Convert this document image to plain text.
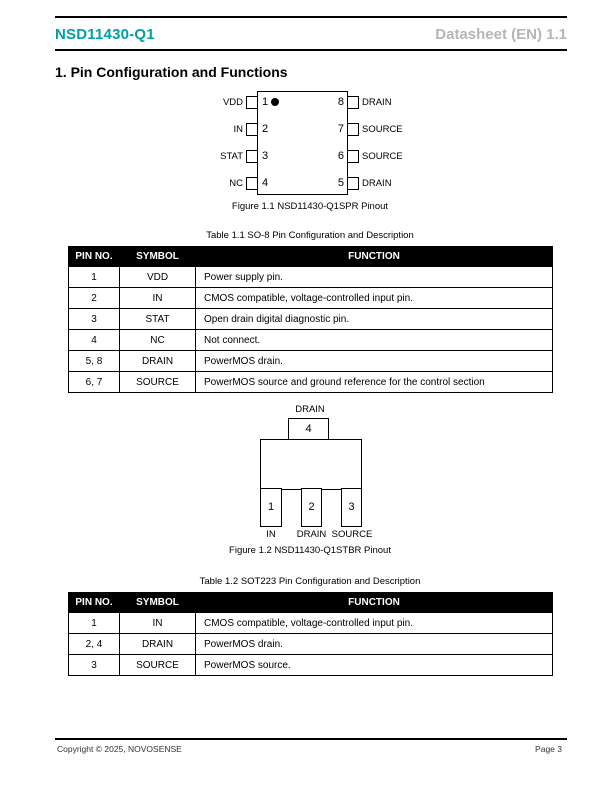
NSD11430-Q1	Datasheet (EN) 1.1
1. Pin Configuration and Functions
VDD
IN
STAT
NC
1
2
3
4
8
7
6
5
DRAIN
SOURCE
SOURCE
DRAIN
Figure 1.1 NSD11430-Q1SPR Pinout
Table 1.1 SO-8 Pin Configuration and Description
PIN NO.	SYMBOL	FUNCTION
1	VDD	Power supply pin.
2	IN	CMOS compatible, voltage-controlled input pin.
3	STAT	Open drain digital diagnostic pin.
4	NC	Not connect.
5, 8	DRAIN	PowerMOS drain.
6, 7	SOURCE	PowerMOS source and ground reference for the control section
DRAIN
4
1	2	3
IN	DRAIN SOURCE
Figure 1.2 NSD11430-Q1STBR Pinout
Table 1.2 SOT223 Pin Configuration and Description
PIN NO.	SYMBOL	FUNCTION
1	IN	CMOS compatible, voltage-controlled input pin.
2, 4	DRAIN	PowerMOS drain.
3	SOURCE	PowerMOS source.
Copyright © 2025, NOVOSENSE	Page 3
